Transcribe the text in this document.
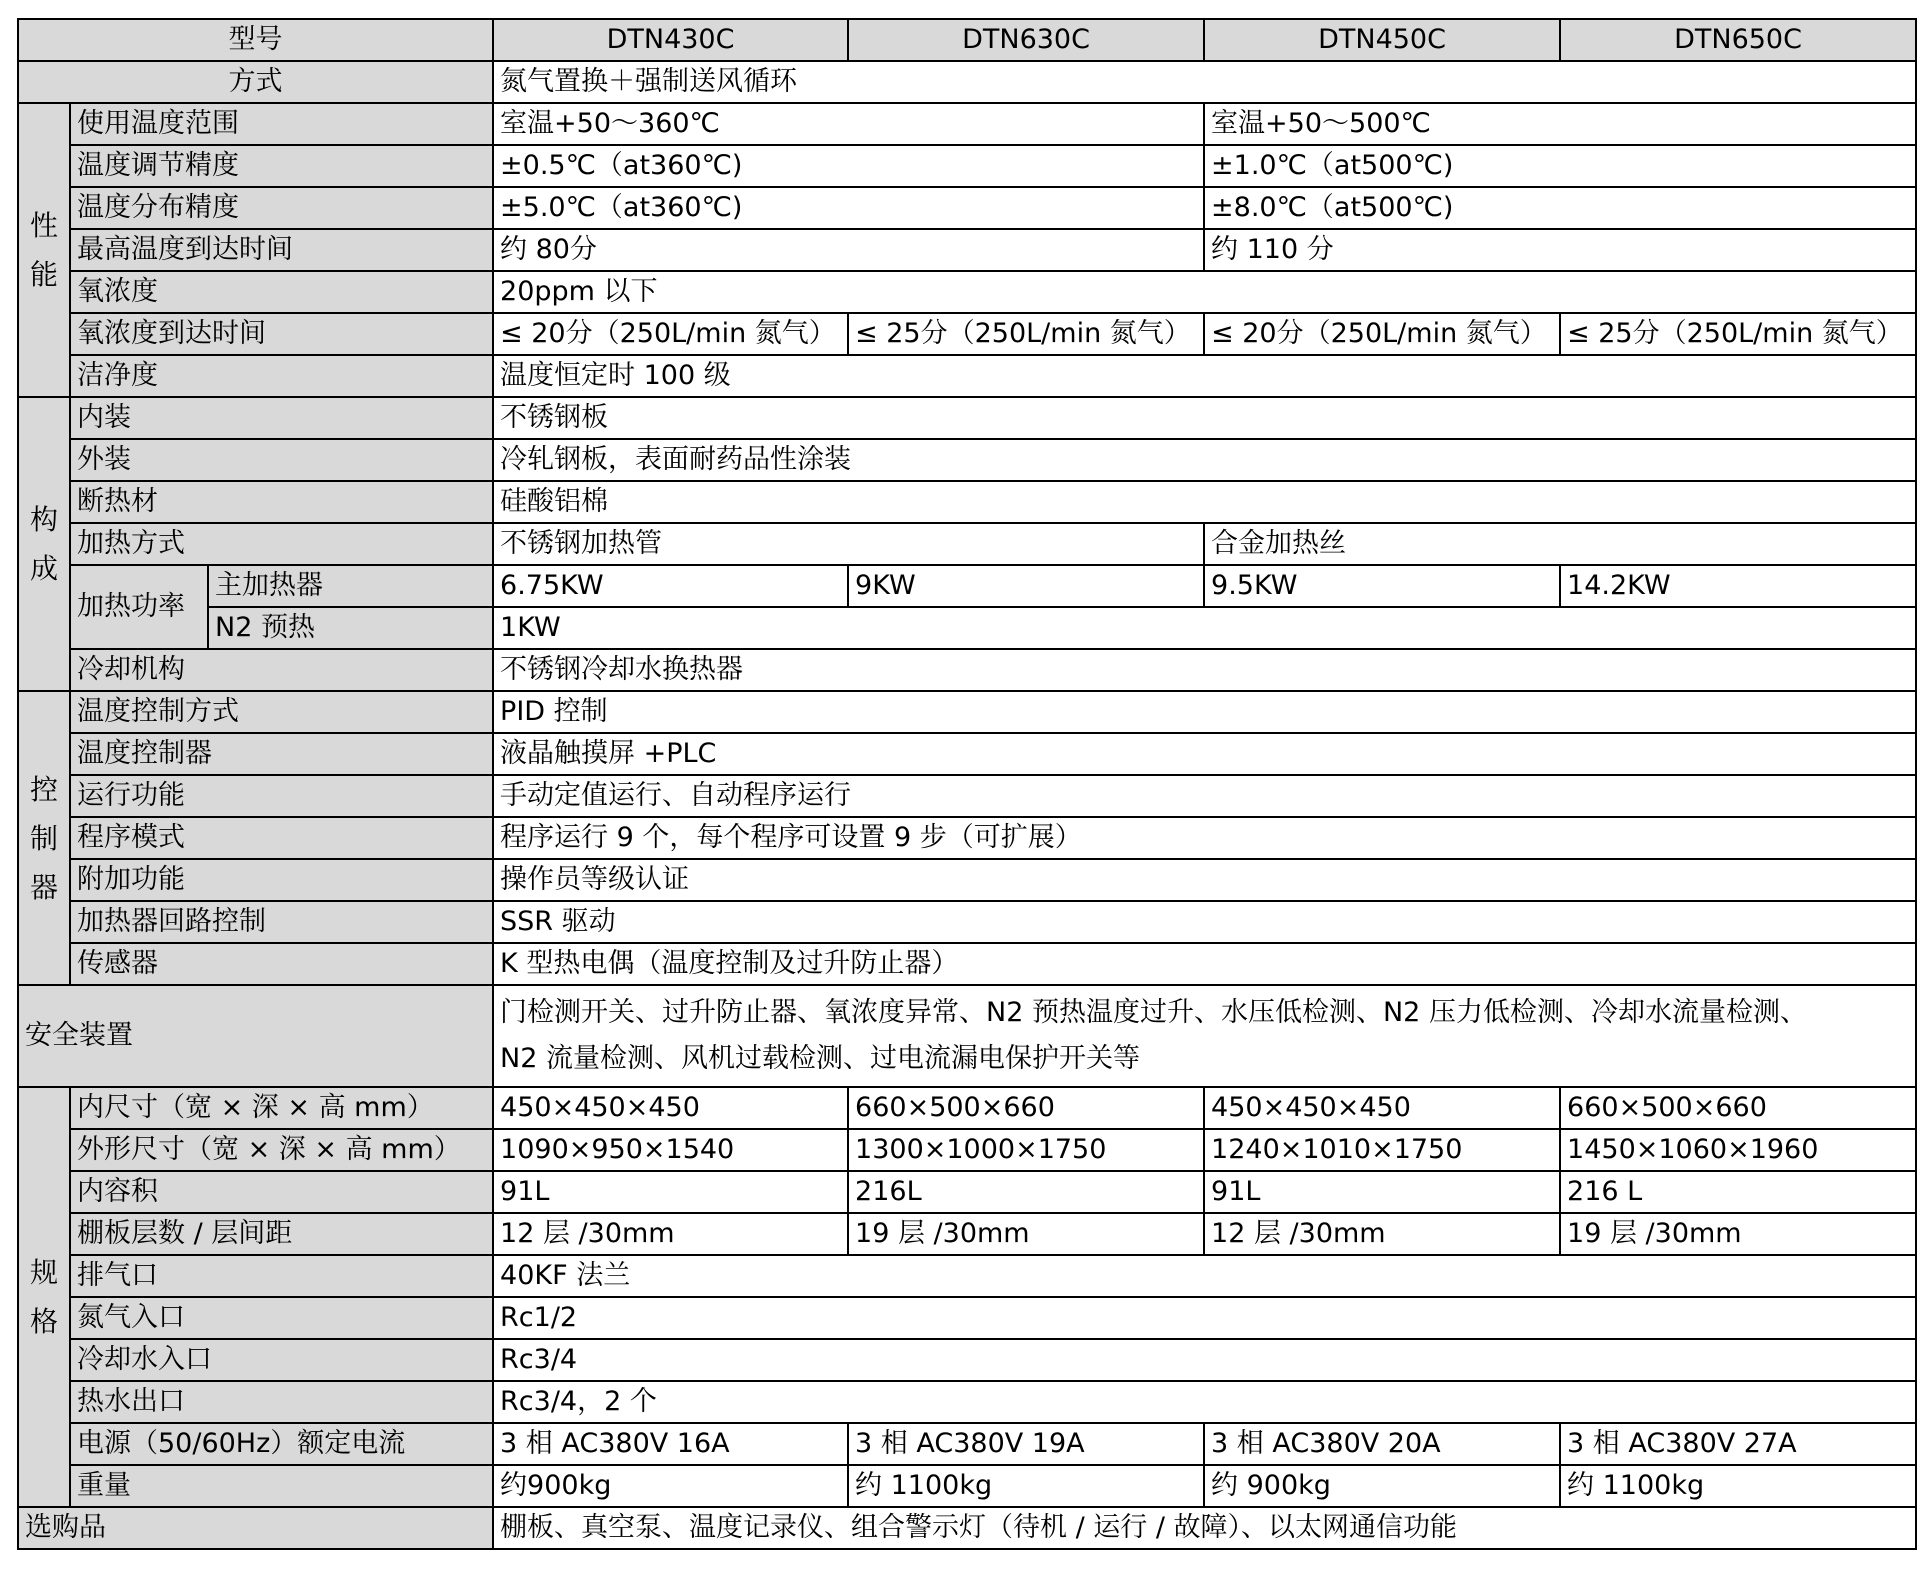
型号			DTN430C	DTN630C	DTN450C	DTN650C
方式			氮气置换＋强制送风循环			

性
能	使用温度范围		室温+50～360℃		室温+50～500℃	
	温度调节精度		±0.5℃（at360℃)		±1.0℃（at500℃)	
	温度分布精度		±5.0℃（at360℃)		±8.0℃（at500℃)	
	最高温度到达时间		约 80分		约 110 分	
	氧浓度		20ppm 以下			
	氧浓度到达时间		≤ 20分（250L/min 氮气）	≤ 25分（250L/min 氮气）	≤ 20分（250L/min 氮气）	≤ 25分（250L/min 氮气）
	洁净度		温度恒定时 100 级			

构
成	内装		不锈钢板			
	外装		冷轧钢板，表面耐药品性涂装			
	断热材		硅酸铝棉			
	加热方式		不锈钢加热管		合金加热丝	
	加热功率	主加热器	6.75KW	9KW	9.5KW	14.2KW
		N2 预热	1KW			
	冷却机构		不锈钢冷却水换热器			

控
制
器	温度控制方式		PID 控制			
	温度控制器		液晶触摸屏 +PLC			
	运行功能		手动定值运行、自动程序运行			
	程序模式		程序运行 9 个，每个程序可设置 9 步（可扩展）			
	附加功能		操作员等级认证			
	加热器回路控制		SSR 驱动			
	传感器		K 型热电偶（温度控制及过升防止器）			
安全装置			门检测开关、过升防止器、氧浓度异常、N2 预热温度过升、水压低检测、N2 压力低检测、冷却水流量检测、
N2 流量检测、风机过载检测、过电流漏电保护开关等			

规
格	内尺寸（宽 × 深 × 高 mm）		450×450×450	660×500×660	450×450×450	660×500×660
	外形尺寸（宽 × 深 × 高 mm）		1090×950×1540	1300×1000×1750	1240×1010×1750	1450×1060×1960
	内容积		91L	216L	91L	216 L
	棚板层数 / 层间距		12 层 /30mm	19 层 /30mm	12 层 /30mm	19 层 /30mm
	排气口		40KF 法兰			
	氮气入口		Rc1/2			
	冷却水入口		Rc3/4			
	热水出口		Rc3/4，2 个			
	电源（50/60Hz）额定电流		3 相 AC380V 16A	3 相 AC380V 19A	3 相 AC380V 20A	3 相 AC380V 27A
	重量		约900kg	约 1100kg	约 900kg	约 1100kg
选购品			棚板、真空泵、温度记录仪、组合警示灯（待机 / 运行 / 故障）、以太网通信功能			
